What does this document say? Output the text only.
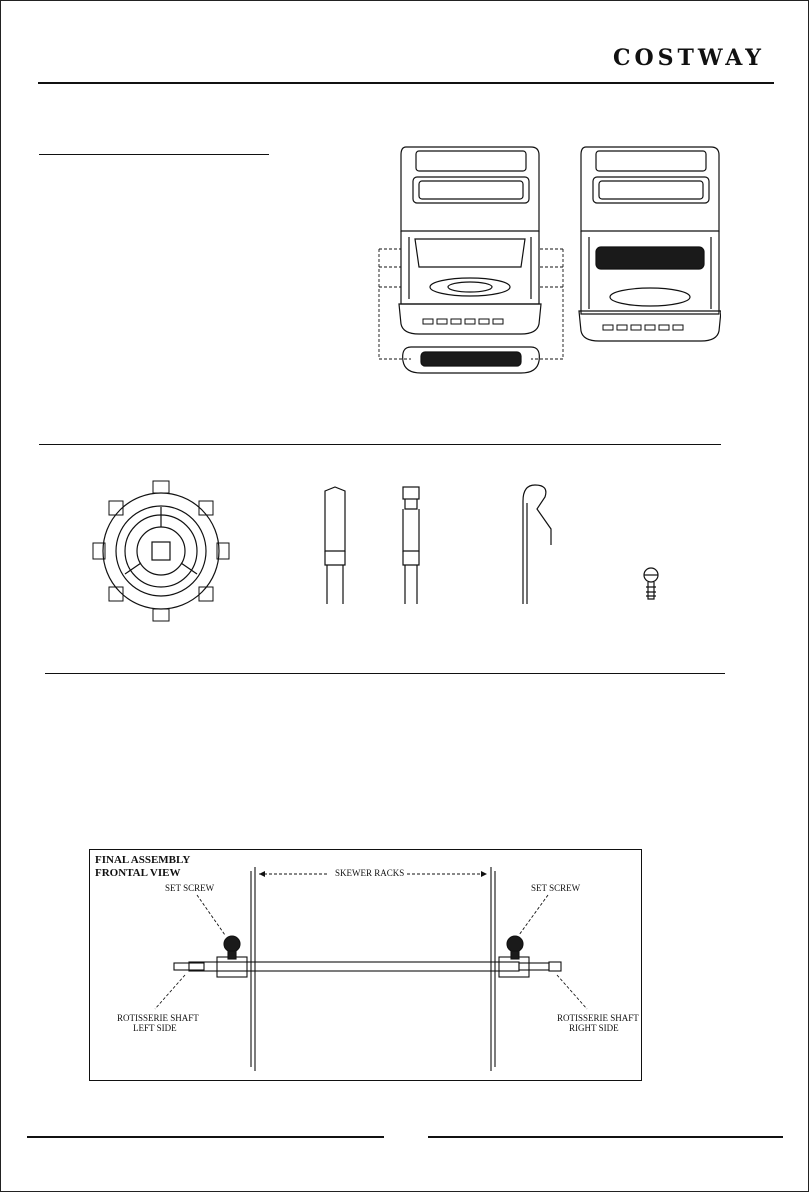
COSTWAY
FINAL ASSEMBLY
FRONTAL VIEW	SKEWER RACKS
SET SCREW	SET SCREW
ROTISSERIE SHAFT
LEFT SIDE
ROTISSERIE SHAFT
RIGHT SIDE
